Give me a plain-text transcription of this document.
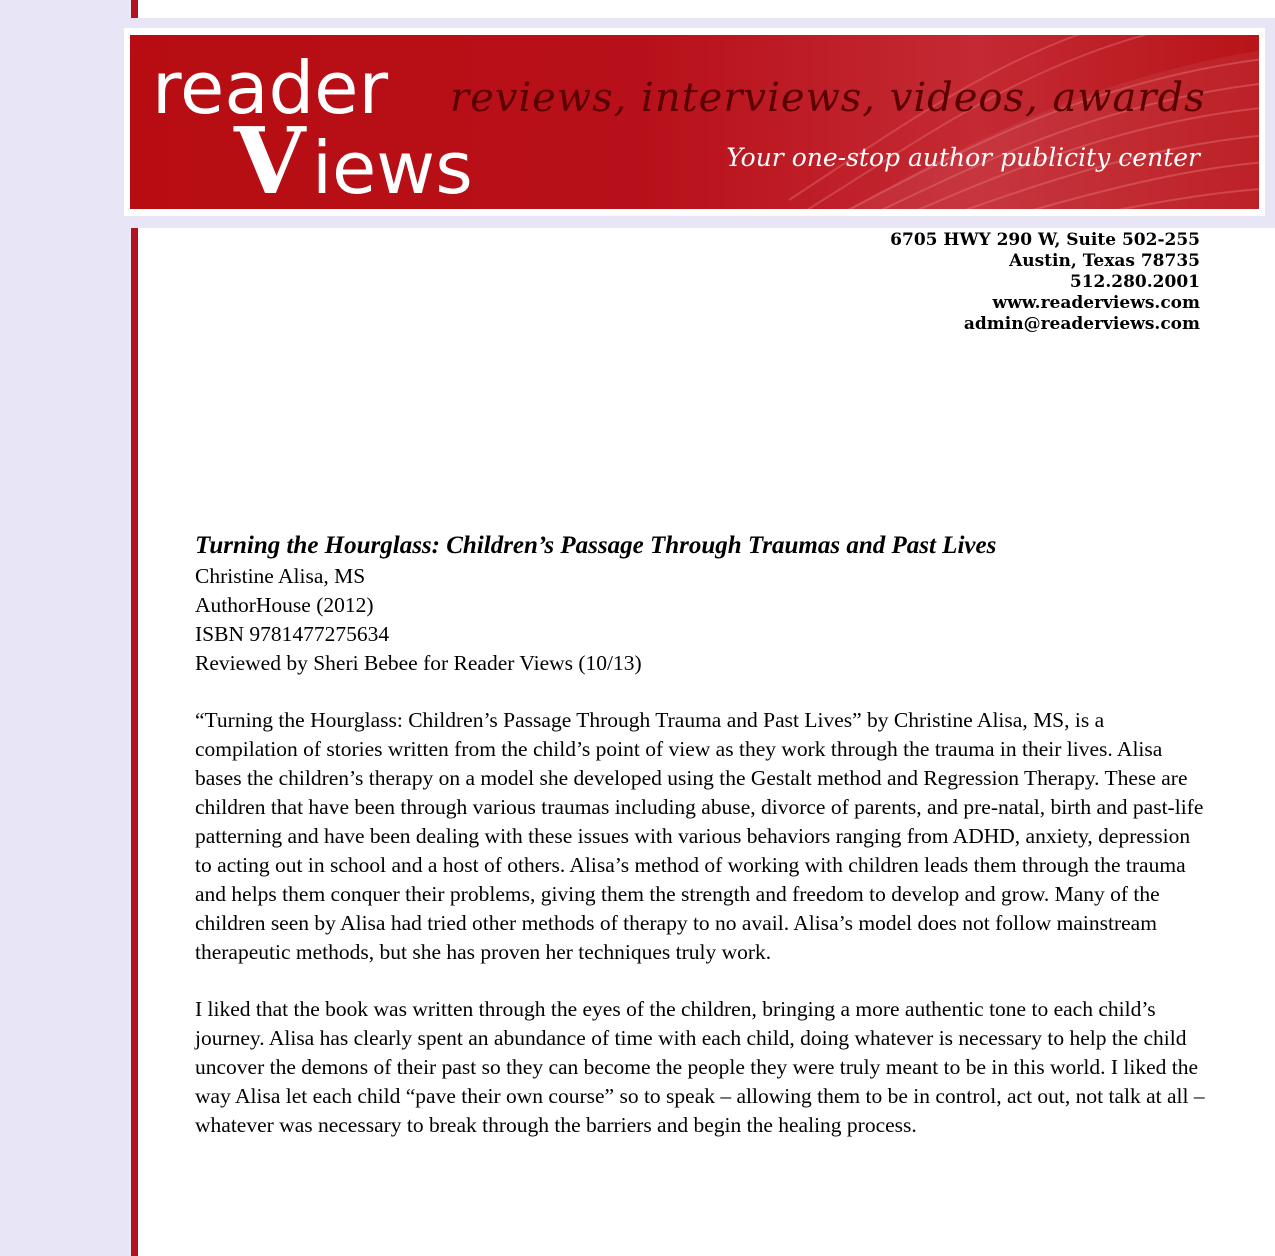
reader
V iews
reviews, interviews, videos, awards
Your one-stop author publicity center
6705 HWY 290 W, Suite 502-255
Austin, Texas 78735
512.280.2001
www.readerviews.com
admin@readerviews.com
Turning the Hourglass: Children’s Passage Through Traumas and Past Lives
Christine Alisa, MS
AuthorHouse (2012)
ISBN 9781477275634
Reviewed by Sheri Bebee for Reader Views (10/13)

“Turning the Hourglass: Children’s Passage Through Trauma and Past Lives” by Christine Alisa, MS, is a compilation of stories written from the child’s point of view as they work through the trauma in their lives. Alisa bases the children’s therapy on a model she developed using the Gestalt method and Regression Therapy. These are children that have been through various traumas including abuse, divorce of parents, and pre-natal, birth and past-life patterning and have been dealing with these issues with various behaviors ranging from ADHD, anxiety, depression to acting out in school and a host of others. Alisa’s method of working with children leads them through the trauma and helps them conquer their problems, giving them the strength and freedom to develop and grow. Many of the children seen by Alisa had tried other methods of therapy to no avail. Alisa’s model does not follow mainstream therapeutic methods, but she has proven her techniques truly work.

I liked that the book was written through the eyes of the children, bringing a more authentic tone to each child’s journey. Alisa has clearly spent an abundance of time with each child, doing whatever is necessary to help the child uncover the demons of their past so they can become the people they were truly meant to be in this world. I liked the way Alisa let each child “pave their own course” so to speak – allowing them to be in control, act out, not talk at all – whatever was necessary to break through the barriers and begin the healing process.
